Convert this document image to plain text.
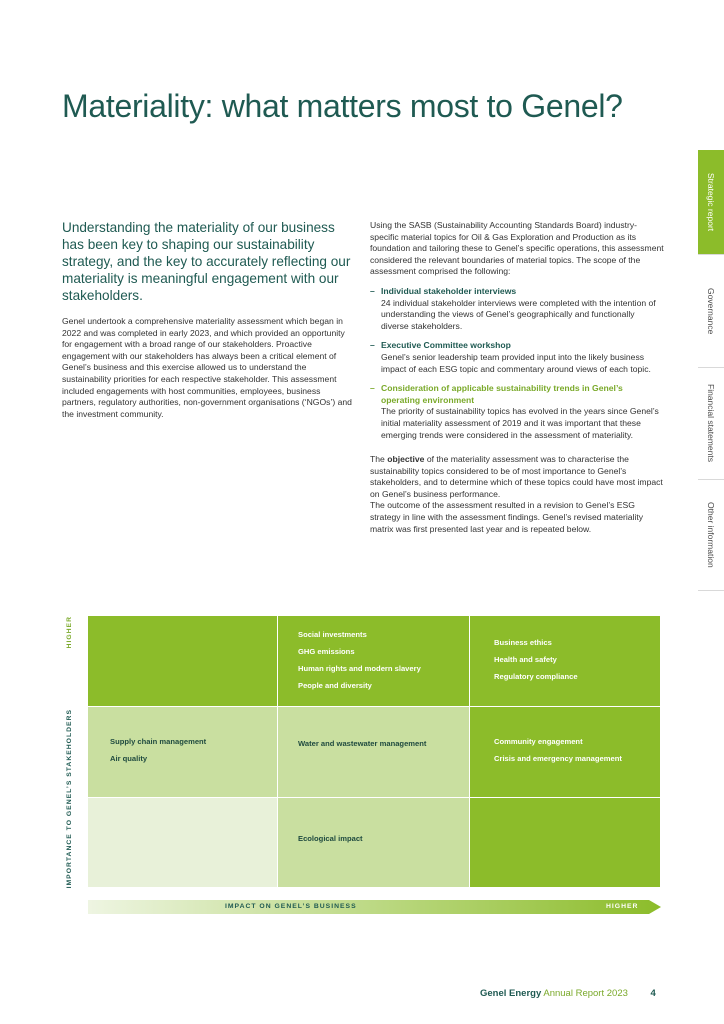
Materiality: what matters most to Genel?
Strategic report
Governance
Financial statements
Other information

Understanding the materiality of our business has been key to shaping our sustainability strategy, and the key to accurately reflecting our materiality is meaningful engagement with our stakeholders.

Genel undertook a comprehensive materiality assessment which began in 2022 and was completed in early 2023, and which provided an opportunity for engagement with a broad range of our stakeholders. Proactive engagement with our stakeholders has always been a critical element of Genel’s business and this exercise allowed us to understand the sustainability priorities for each respective stakeholder. This assessment included engagements with host communities, employees, business partners, regulatory authorities, non-government organisations (‘NGOs’) and the investment community.

Using the SASB (Sustainability Accounting Standards Board) industry-specific material topics for Oil & Gas Exploration and Production as its foundation and tailoring these to Genel’s specific operations, this assessment considered the relevant boundaries of material topics. The scope of the assessment comprised the following:

– Individual stakeholder interviews
24 individual stakeholder interviews were completed with the intention of understanding the views of Genel’s geographically and functionally diverse stakeholders.
– Executive Committee workshop
Genel’s senior leadership team provided input into the likely business impact of each ESG topic and commentary around views of each topic.
– Consideration of applicable sustainability trends in Genel’s operating environment
The priority of sustainability topics has evolved in the years since Genel’s initial materiality assessment of 2019 and it was important that these emerging trends were considered in the assessment of materiality.

The objective of the materiality assessment was to characterise the sustainability topics considered to be of most importance to Genel’s stakeholders, and to determine which of these topics could have most impact on Genel’s business performance.

The outcome of the assessment resulted in a revision to Genel’s ESG strategy in line with the assessment findings. Genel’s revised materiality matrix was first presented last year and is repeated below.

HIGHER
IMPORTANCE TO GENEL’S STAKEHOLDERS
Social investments
GHG emissions
Human rights and modern slavery
People and diversity
Business ethics
Health and safety
Regulatory compliance
Supply chain management
Air quality
Water and wastewater management	Community engagement
Crisis and emergency management
Ecological impact
IMPACT ON GENEL’S BUSINESS	HIGHER
Genel Energy Annual Report 2023 4
